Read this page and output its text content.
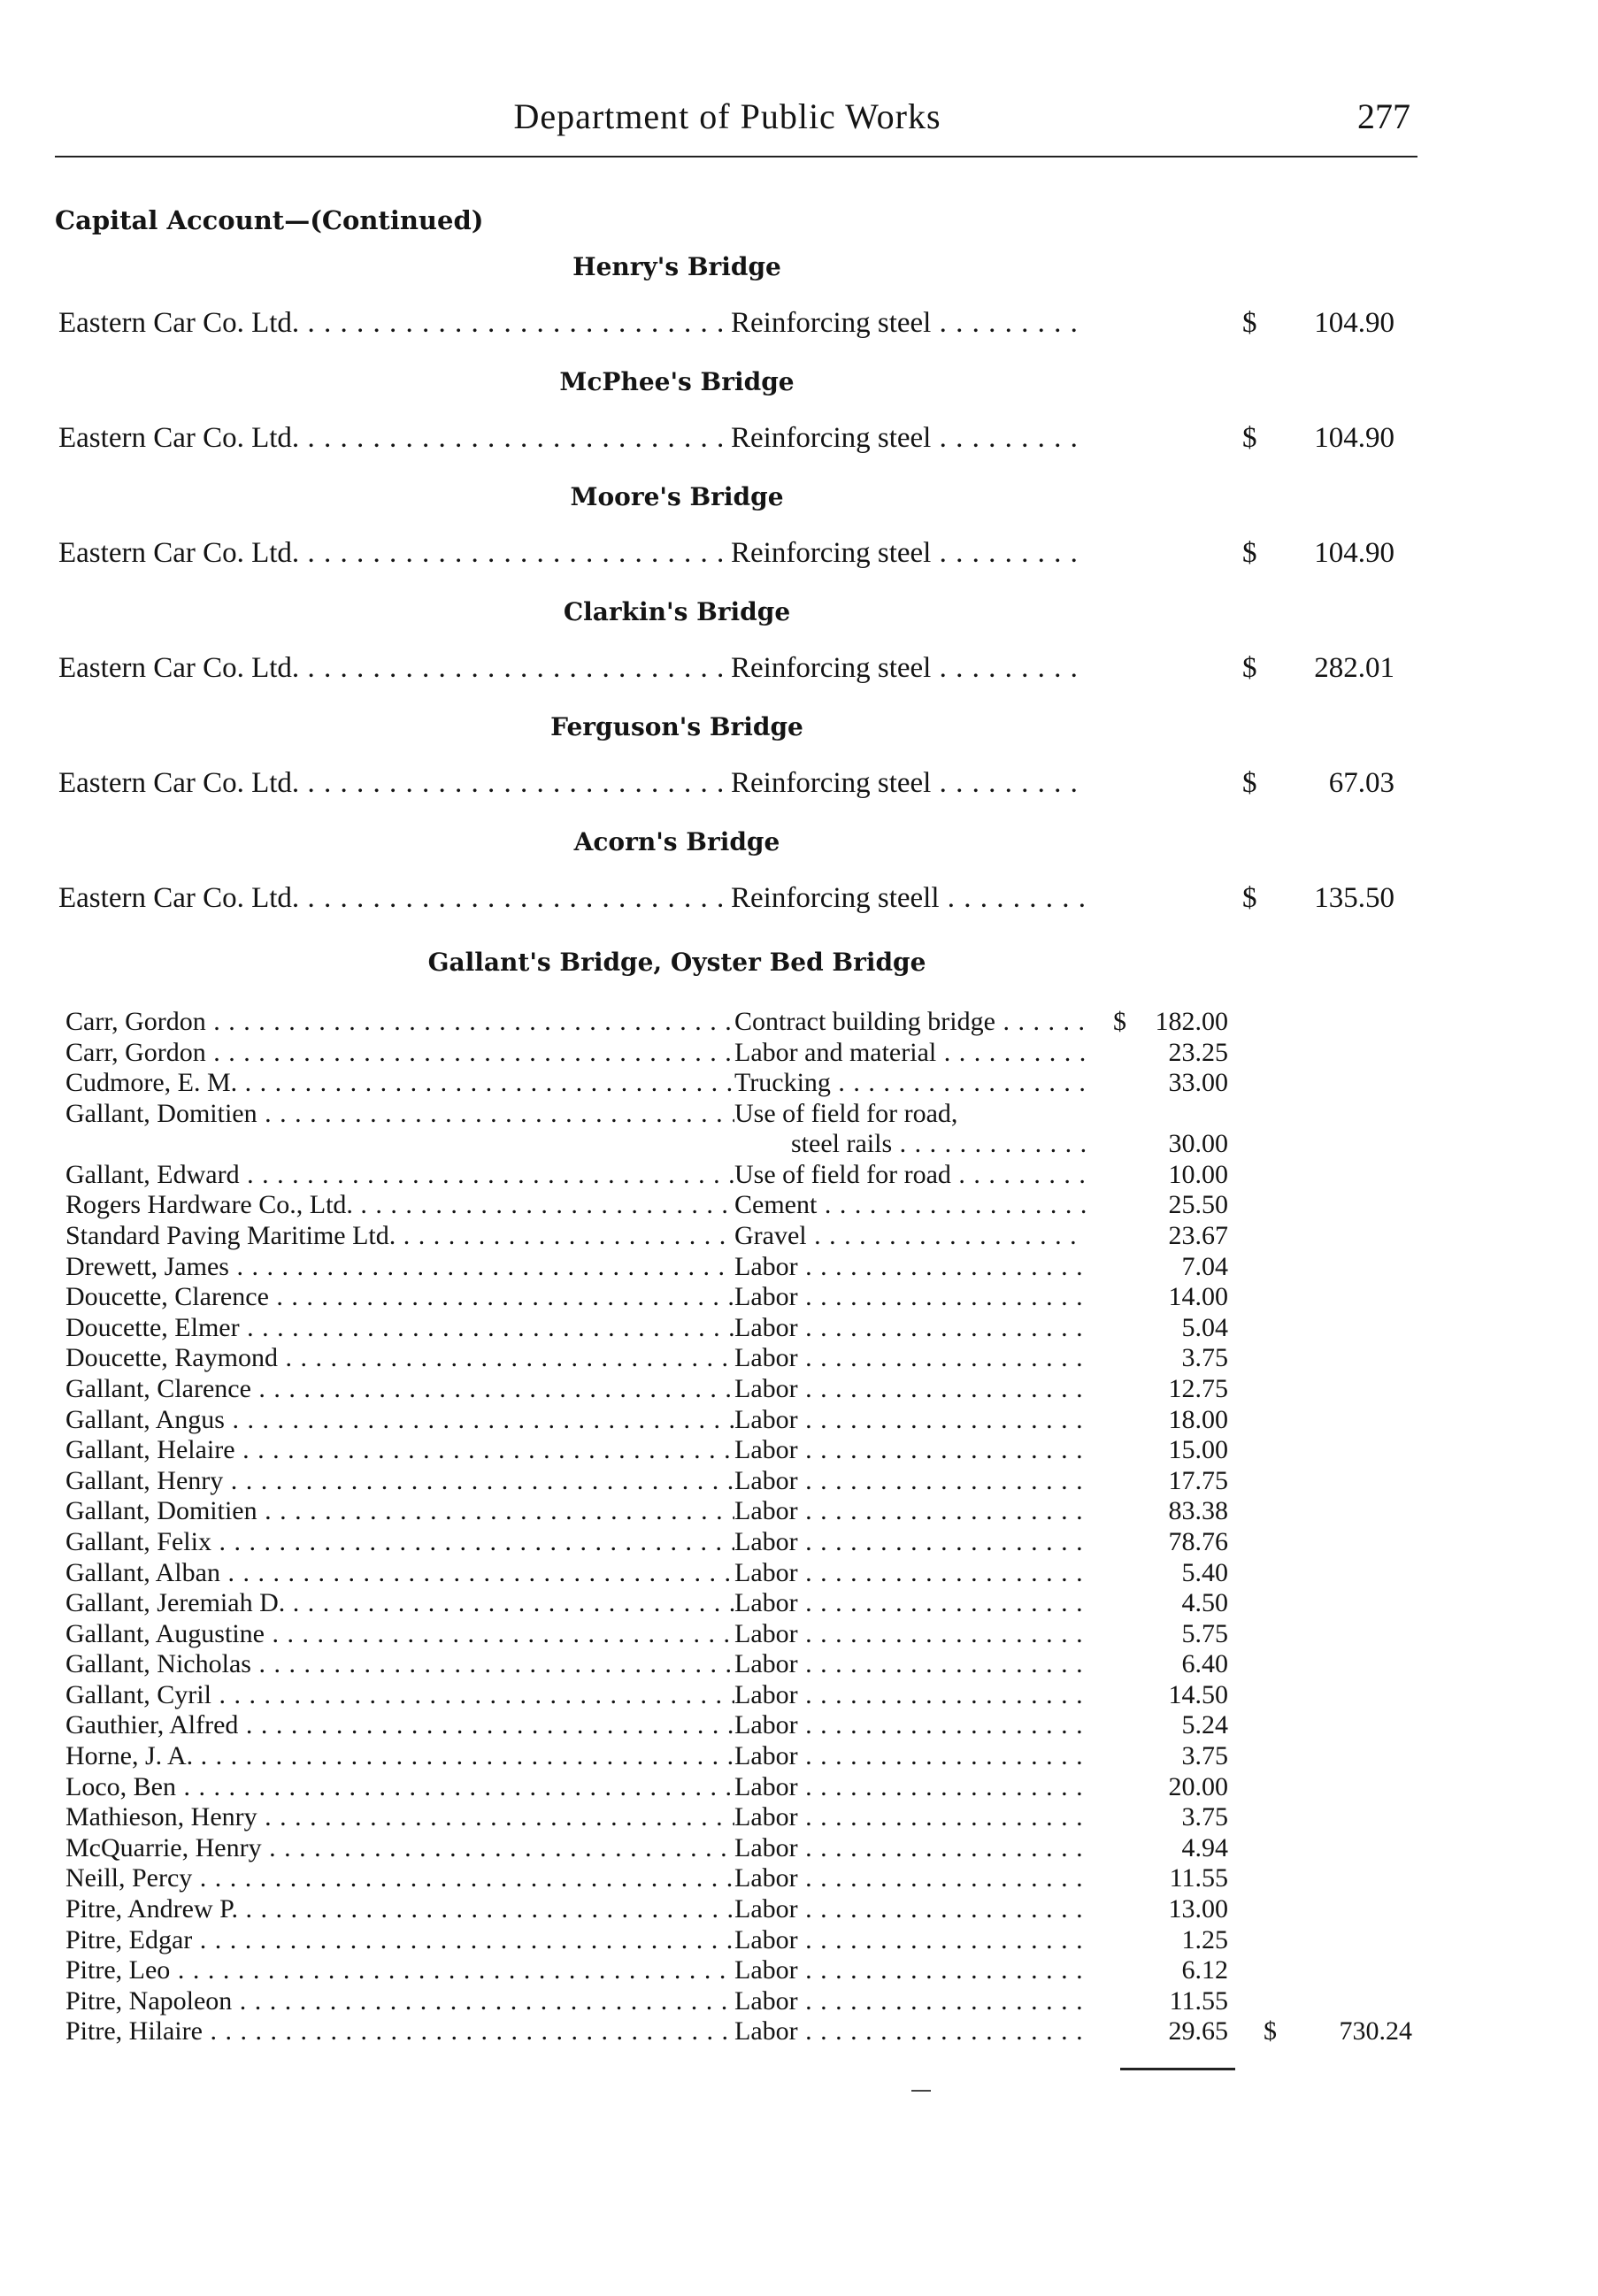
Department of Public Works	277
Capital Account—(Continued)
Henry's Bridge
Eastern Car Co. Ltd. . . .	Reinforcing steel . . .	$	104.90
McPhee's Bridge
Eastern Car Co. Ltd. . . .	Reinforcing steel . . .	$	104.90
Moore's Bridge
Eastern Car Co. Ltd. . . .	Reinforcing steel . . .	$	104.90
Clarkin's Bridge
Eastern Car Co. Ltd. . . .	Reinforcing steel . . .	$	282.01
Ferguson's Bridge
Eastern Car Co. Ltd. . . .	Reinforcing steel . . .	$	67.03
Acorn's Bridge
Eastern Car Co. Ltd. . . .	Reinforcing steell . . .	$	135.50
Gallant's Bridge, Oyster Bed Bridge
Carr, Gordon . . .	Contract building bridge . . .	$	182.00
Carr, Gordon . . .	Labor and material . . .	23.25
Cudmore, E. M. . . .	Trucking . . .	33.00
Gallant, Domitien . . .	Use of field for road,
steel rails . . .	30.00
Gallant, Edward . . .	Use of field for road . . .	10.00
Rogers Hardware Co., Ltd. . . .	Cement . . .	25.50
Standard Paving Maritime Ltd. . . .	Gravel . . .	23.67
Drewett, James . . .	Labor . . .	7.04
Doucette, Clarence . . .	Labor . . .	14.00
Doucette, Elmer . . .	Labor . . .	5.04
Doucette, Raymond . . .	Labor . . .	3.75
Gallant, Clarence . . .	Labor . . .	12.75
Gallant, Angus . . .	Labor . . .	18.00
Gallant, Helaire . . .	Labor . . .	15.00
Gallant, Henry . . .	Labor . . .	17.75
Gallant, Domitien . . .	Labor . . .	83.38
Gallant, Felix . . .	Labor . . .	78.76
Gallant, Alban . . .	Labor . . .	5.40
Gallant, Jeremiah D. . . .	Labor . . .	4.50
Gallant, Augustine . . .	Labor . . .	5.75
Gallant, Nicholas . . .	Labor . . .	6.40
Gallant, Cyril . . .	Labor . . .	14.50
Gauthier, Alfred . . .	Labor . . .	5.24
Horne, J. A. . . .	Labor . . .	3.75
Loco, Ben . . .	Labor . . .	20.00
Mathieson, Henry . . .	Labor . . .	3.75
McQuarrie, Henry . . .	Labor . . .	4.94
Neill, Percy . . .	Labor . . .	11.55
Pitre, Andrew P. . . .	Labor . . .	13.00
Pitre, Edgar . . .	Labor . . .	1.25
Pitre, Leo . . .	Labor . . .	6.12
Pitre, Napoleon . . .	Labor . . .	11.55
Pitre, Hilaire . . .	Labor . . .	29.65 $	730.24
